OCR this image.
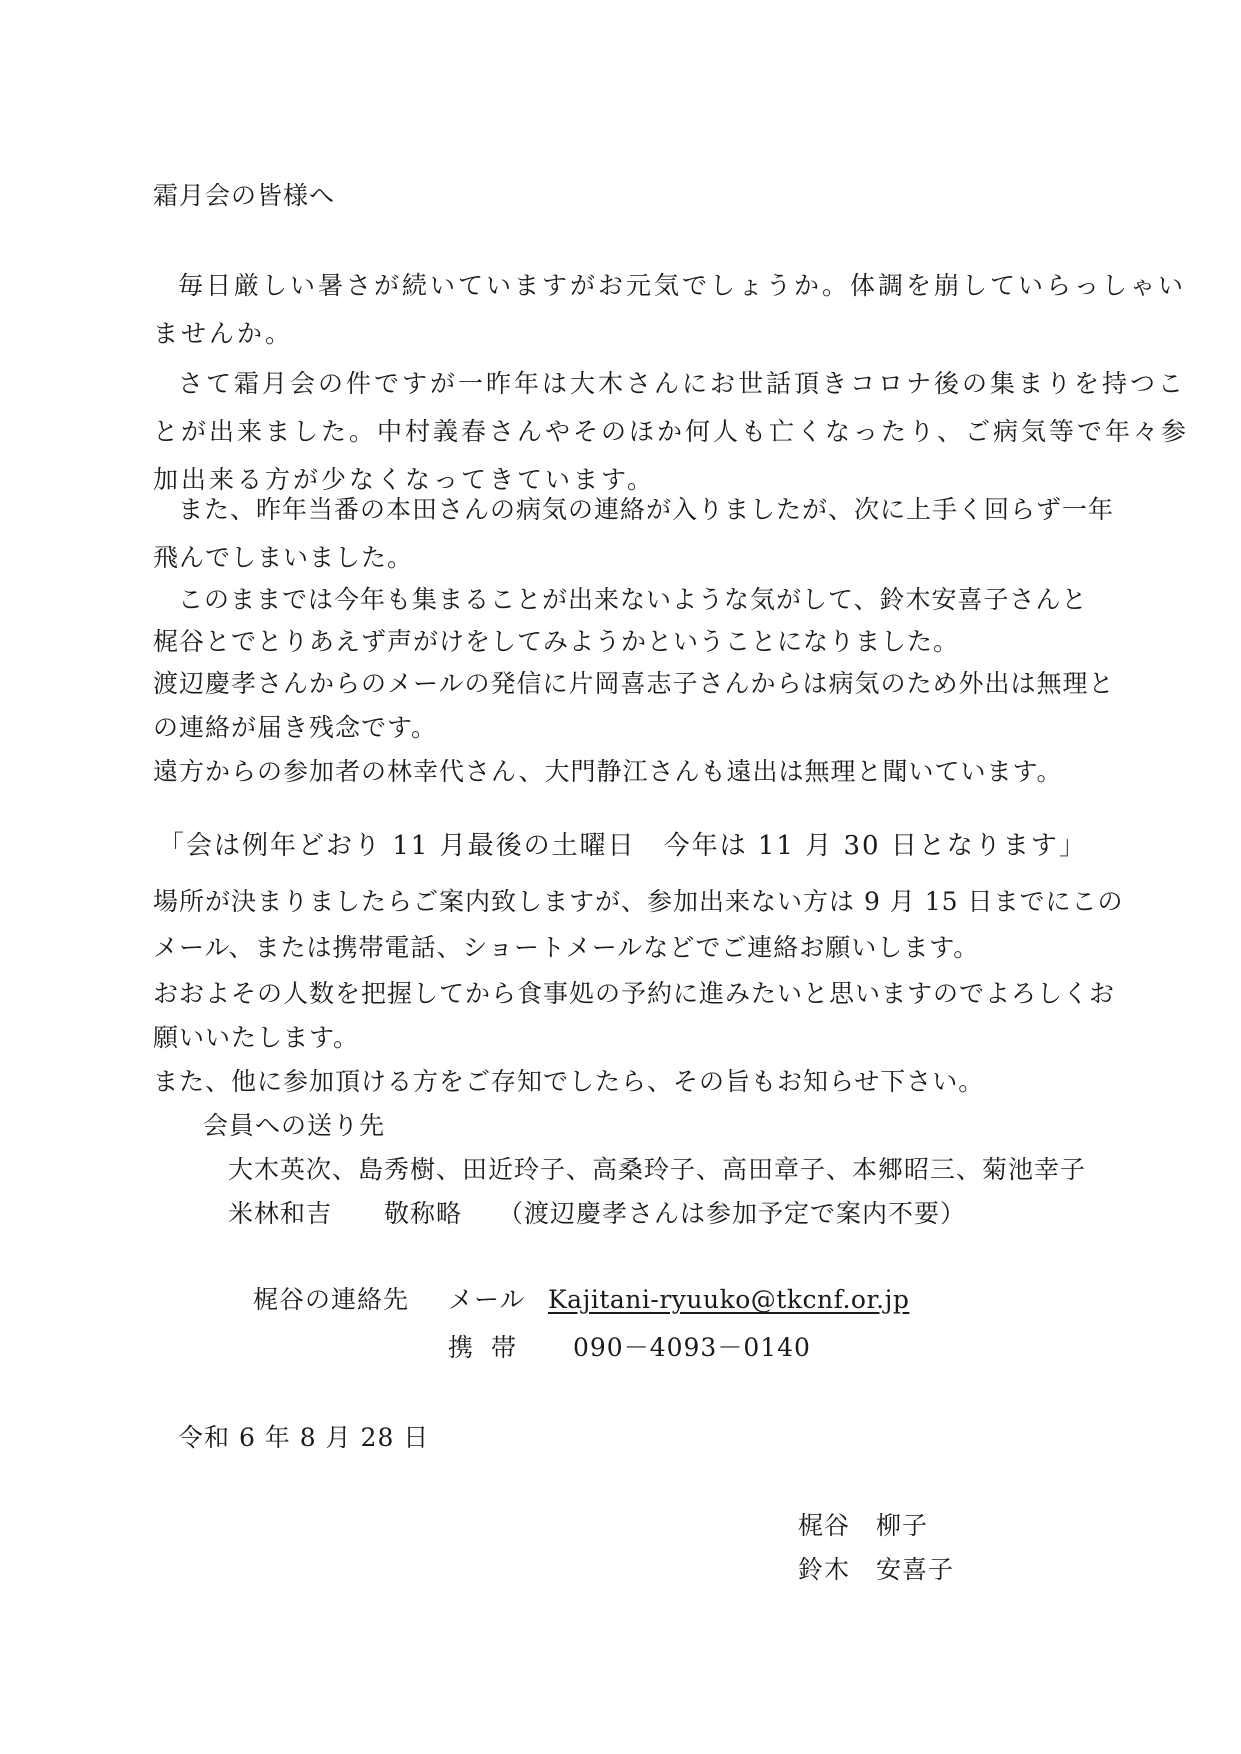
霜月会の皆様へ
毎日厳しい暑さが続いていますがお元気でしょうか。体調を崩していらっしゃい
ませんか。
さて霜月会の件ですが一昨年は大木さんにお世話頂きコロナ後の集まりを持つこ
とが出来ました。中村義春さんやそのほか何人も亡くなったり、ご病気等で年々参
加出来る方が少なくなってきています。
また、昨年当番の本田さんの病気の連絡が入りましたが、次に上手く回らず一年
飛んでしまいました。
このままでは今年も集まることが出来ないような気がして、鈴木安喜子さんと
梶谷とでとりあえず声がけをしてみようかということになりました。
渡辺慶孝さんからのメールの発信に片岡喜志子さんからは病気のため外出は無理と
の連絡が届き残念です。
遠方からの参加者の林幸代さん、大門静江さんも遠出は無理と聞いています。
「会は例年どおり 11 月最後の土曜日　今年は 11 月 30 日となります」
場所が決まりましたらご案内致しますが、参加出来ない方は 9 月 15 日までにこの
メール、または携帯電話、ショートメールなどでご連絡お願いします。
おおよその人数を把握してから食事処の予約に進みたいと思いますのでよろしくお
願いいたします。
また、他に参加頂ける方をご存知でしたら、その旨もお知らせ下さい。
会員への送り先
大木英次、島秀樹、田近玲子、高桑玲子、高田章子、本郷昭三、菊池幸子
米林和吉 敬称略 （渡辺慶孝さんは参加予定で案内不要）
梶谷の連絡先 メール Kajitani-ryuuko@tkcnf.or.jp
携帯 090－4093－0140
令和 6 年 8 月 28 日
梶谷　柳子
鈴木　安喜子
